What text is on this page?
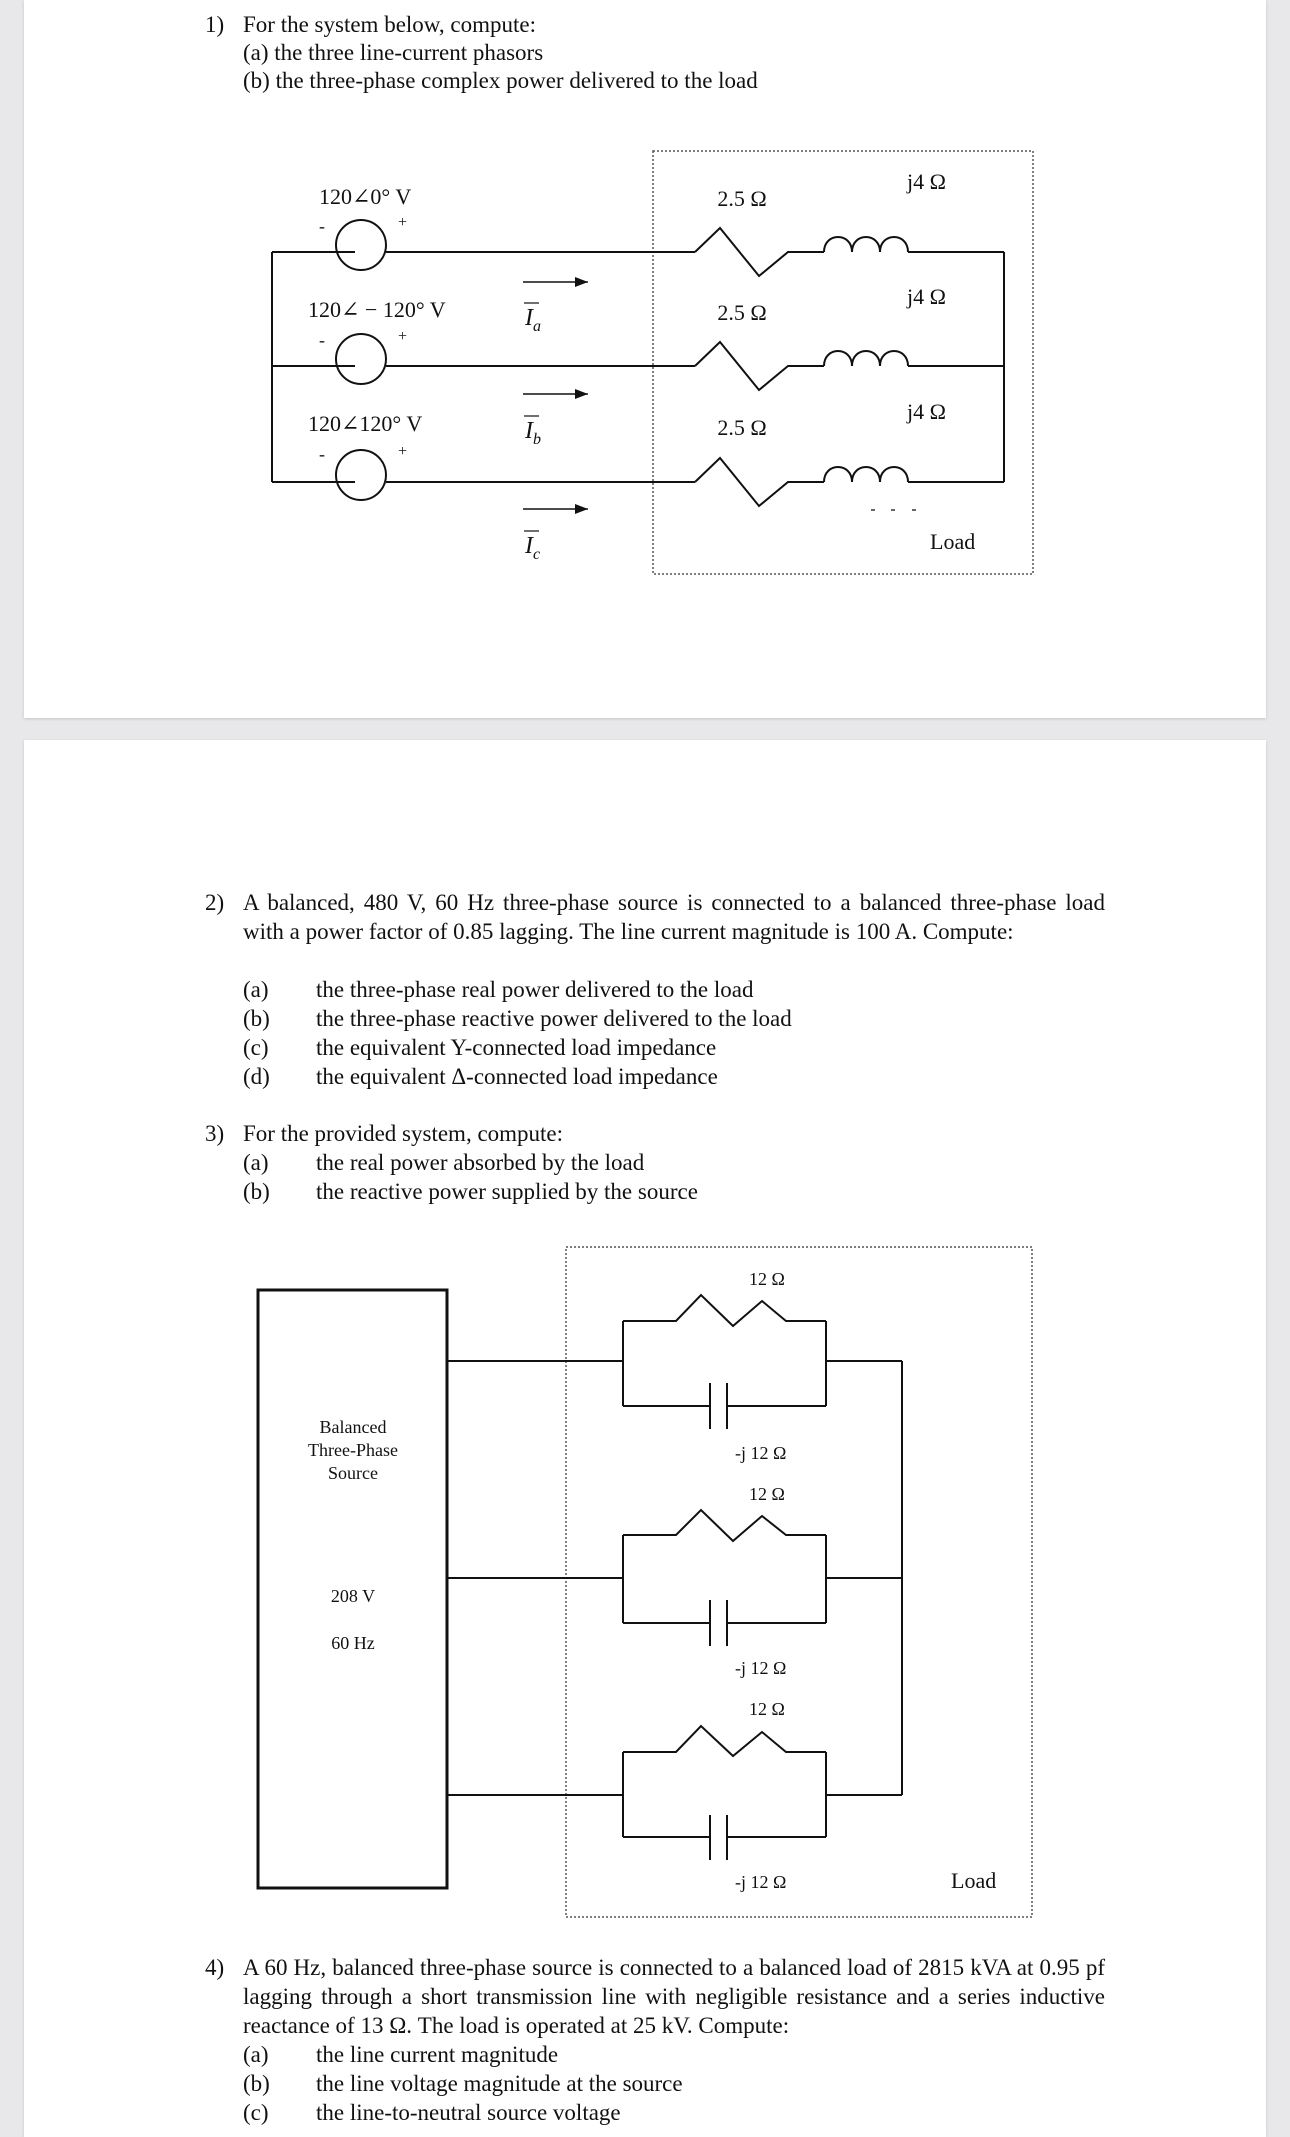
1) For the system below, compute:
(a) the three line-current phasors
(b) the three-phase complex power delivered to the load
120∠0° V
-	+
120∠ − 120° V
-	+
120∠120° V
-	+
$I_a$
$I_b$
$I_c$
2.5 Ω
2.5 Ω
2.5 Ω
j4 Ω
j4 Ω
j4 Ω
Load
2) A balanced, 480 V, 60 Hz three-phase source is connected to a balanced three-phase load with a power factor of 0.85 lagging. The line current magnitude is 100 A. Compute:
(a) the three-phase real power delivered to the load
(b) the three-phase reactive power delivered to the load
(c) the equivalent Y-connected load impedance
(d) the equivalent Δ-connected load impedance
3) For the provided system, compute:
(a) the real power absorbed by the load
(b) the reactive power supplied by the source
Balanced
Three-Phase
Source
208 V
60 Hz
12 Ω
12 Ω
12 Ω
-j 12 Ω
-j 12 Ω
-j 12 Ω	Load
4) A 60 Hz, balanced three-phase source is connected to a balanced load of 2815 kVA at 0.95 pf lagging through a short transmission line with negligible resistance and a series inductive reactance of 13 Ω. The load is operated at 25 kV. Compute:
(a) the line current magnitude
(b) the line voltage magnitude at the source
(c) the line-to-neutral source voltage
